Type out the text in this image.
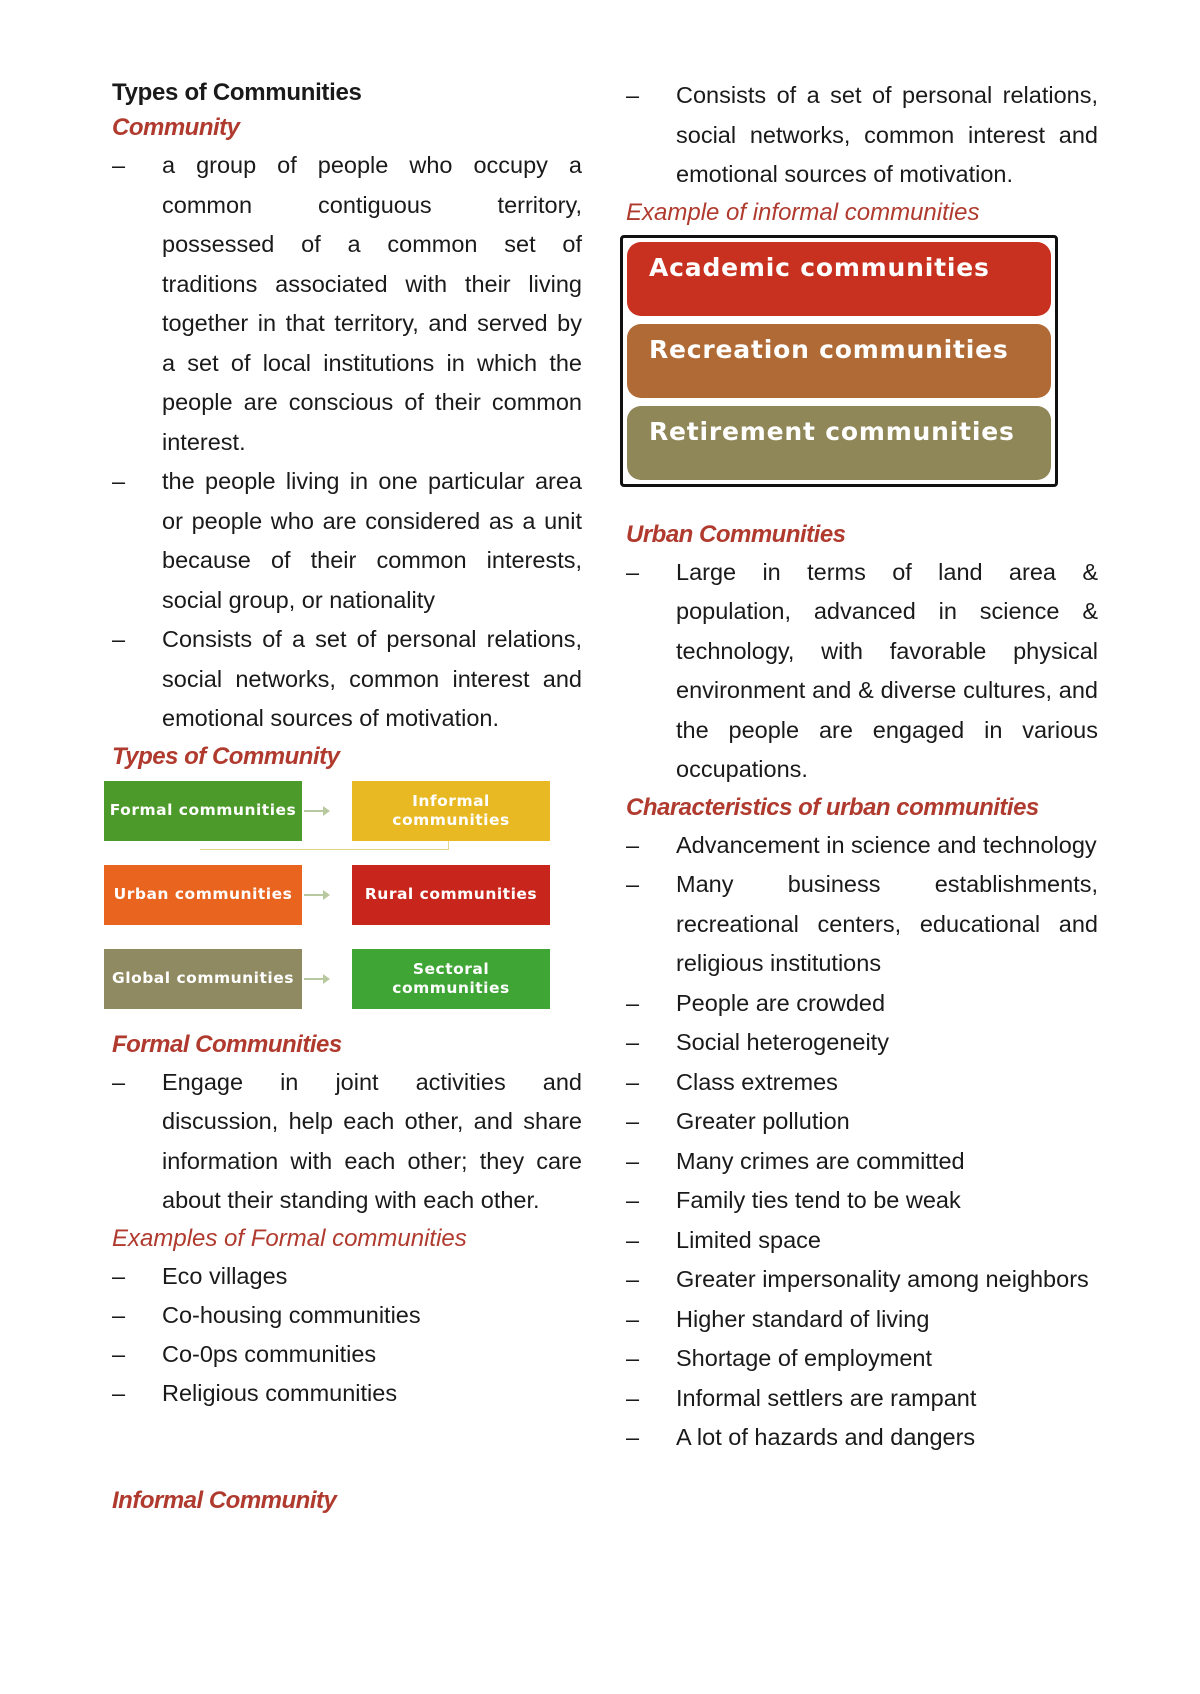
Types of Communities
Community
– a group of people who occupy a common contiguous territory, possessed of a common set of traditions associated with their living together in that territory, and served by a set of local institutions in which the people are conscious of their common interest.
– the people living in one particular area or people who are considered as a unit because of their common interests, social group, or nationality
– Consists of a set of personal relations, social networks, common interest and emotional sources of motivation.
Types of Community
Formal communities
Informal communities
Urban communities	Rural communities
Global communities
Sectoral communities
Formal Communities
– Engage in joint activities and discussion, help each other, and share information with each other; they care about their standing with each other.
Examples of Formal communities
– Eco villages
– Co-housing communities
– Co-0ps communities
– Religious communities
Informal Community
– Consists of a set of personal relations, social networks, common interest and emotional sources of motivation.
Example of informal communities
Academic communities
Recreation communities
Retirement communities
Urban Communities
– Large in terms of land area & population, advanced in science & technology, with favorable physical environment and & diverse cultures, and the people are engaged in various occupations.
Characteristics of urban communities
– Advancement in science and technology
– Many business establishments, recreational centers, educational and religious institutions
– People are crowded
– Social heterogeneity
– Class extremes
– Greater pollution
– Many crimes are committed
– Family ties tend to be weak
– Limited space
– Greater impersonality among neighbors
– Higher standard of living
– Shortage of employment
– Informal settlers are rampant
– A lot of hazards and dangers
